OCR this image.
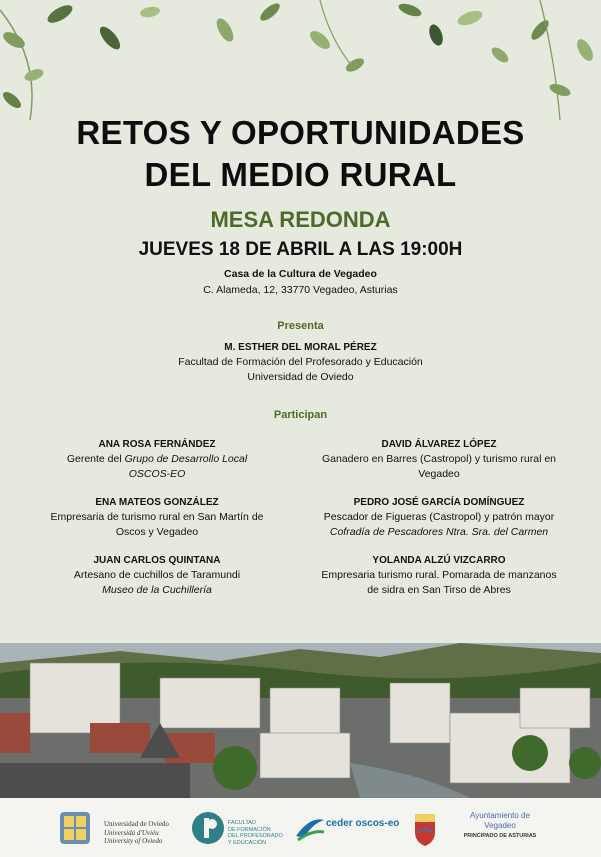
RETOS Y OPORTUNIDADES
DEL MEDIO RURAL
MESA REDONDA
JUEVES 18 DE ABRIL A LAS 19:00H
Casa de la Cultura de Vegadeo
C. Alameda, 12, 33770 Vegadeo, Asturias
Presenta
M. ESTHER DEL MORAL PÉREZ
Facultad de Formación del Profesorado y Educación
Universidad de Oviedo
Participan
ANA ROSA FERNÁNDEZ
Gerente del Grupo de Desarrollo Local
OSCOS-EO
ENA MATEOS GONZÁLEZ
Empresaria de turismo rural en San Martín de
Oscos y Vegadeo
JUAN CARLOS QUINTANA
Artesano de cuchillos de Taramundi
Museo de la Cuchillería
DAVID ÁLVAREZ LÓPEZ
Ganadero en Barres (Castropol) y turismo rural en
Vegadeo
PEDRO JOSÉ GARCÍA DOMÍNGUEZ
Pescador de Figueras (Castropol) y patrón mayor
Cofradía de Pescadores Ntra. Sra. del Carmen
YOLANDA ALZÚ VIZCARRO
Empresaria turismo rural. Pomarada de manzanos
de sidra en San Tirso de Abres
Universidad de Oviedo
Universidá d'Uviéu
University of Oviedo
FACULTAD
DE FORMACIÓN
DEL PROFESORADO
Y EDUCACIÓN
ceder oscos-eo
Ayuntamiento de
Vegadeo
PRINCIPADO DE ASTURIAS
